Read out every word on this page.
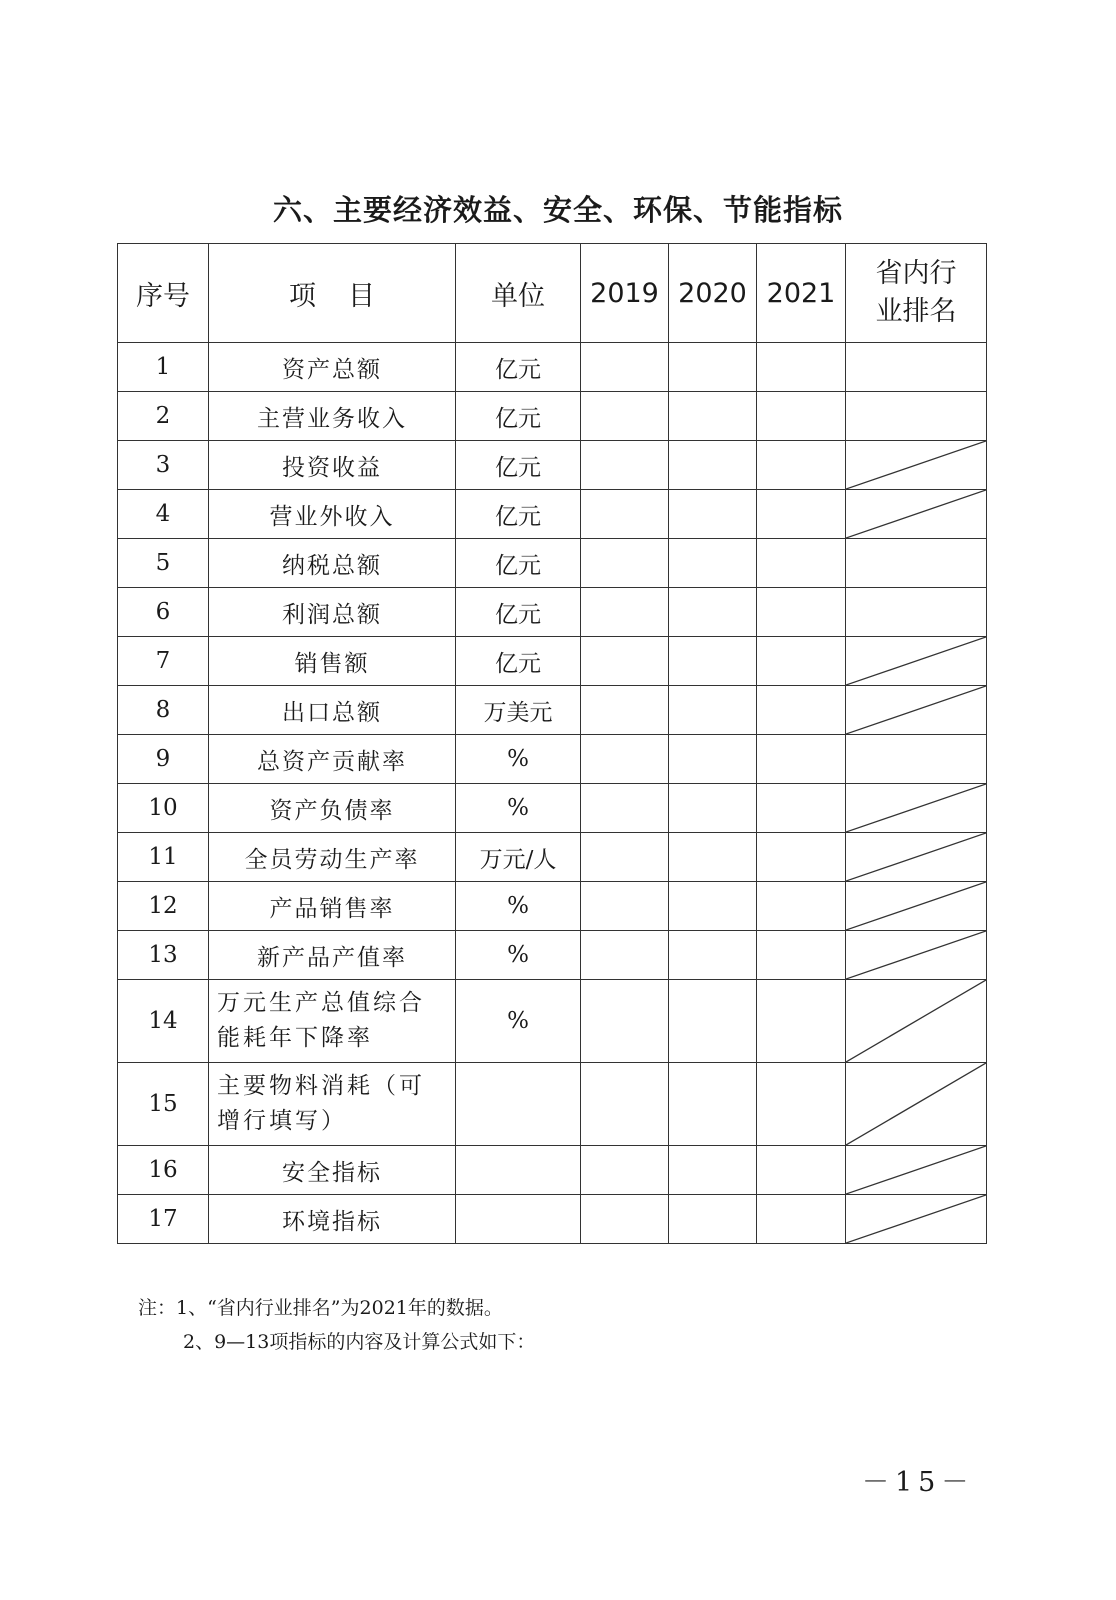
六、主要经济效益、安全、环保、节能指标
序号	项 目	单位	2019	2020	2021	省内行
业排名
1	资产总额	亿元				
2	主营业务收入	亿元				
3	投资收益	亿元				

4	营业外收入	亿元				

5	纳税总额	亿元				
6	利润总额	亿元				
7	销售额	亿元				

8	出口总额	万美元				

9	总资产贡献率	%				
10	资产负债率	%				

11	全员劳动生产率	万元/人				

12	产品销售率	%				

13	新产品产值率	%				

14	万元生产总值综合
能耗年下降率	%				

15	主要物料消耗（可
增行填写）

16	安全指标					

17	环境指标					
注：1、“省内行业排名”为2021年的数据。
2、9—13项指标的内容及计算公式如下：
－15－
